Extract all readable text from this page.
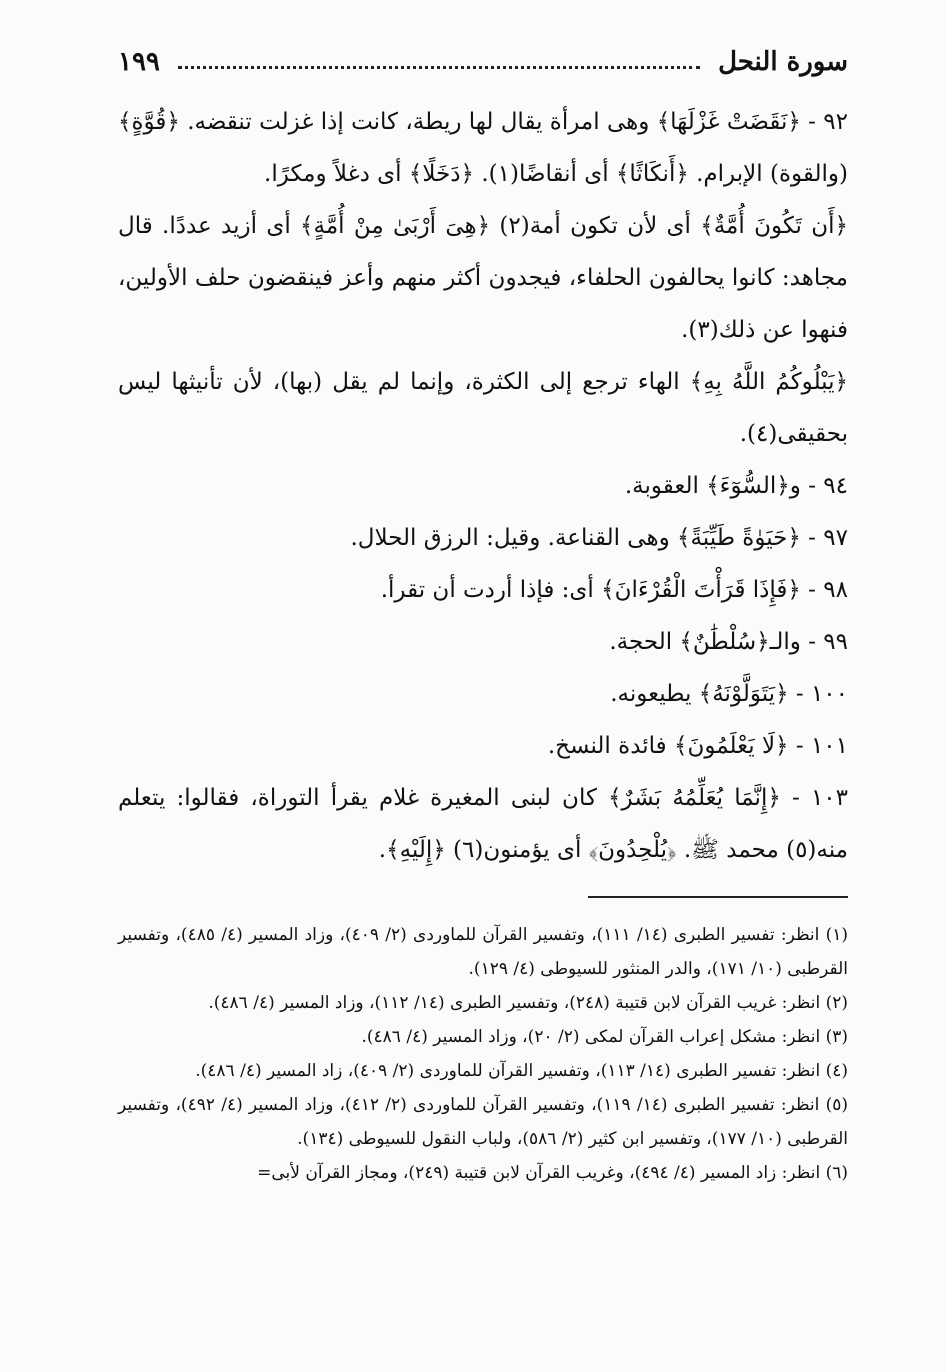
سورة النحل
١٩٩

٩٢ - ﴿نَقَضَتْ غَزْلَهَا﴾ وهى امرأة يقال لها ريطة، كانت إذا غزلت تنقضه. ﴿قُوَّةٍ﴾ (والقوة) الإبرام. ﴿أَنكَاثًا﴾ أى أنقاضًا(١). ﴿دَخَلًا﴾ أى دغلاً ومكرًا.

﴿أَن تَكُونَ أُمَّةٌ﴾ أى لأن تكون أمة(٢) ﴿هِىَ أَرْبَىٰ مِنْ أُمَّةٍ﴾ أى أزيد عددًا. قال مجاهد: كانوا يحالفون الحلفاء، فيجدون أكثر منهم وأعز فينقضون حلف الأولين، فنهوا عن ذلك(٣).

﴿يَبْلُوكُمُ اللَّهُ بِهِ﴾ الهاء ترجع إلى الكثرة، وإنما لم يقل (بها)، لأن تأنيثها ليس بحقيقى(٤).

٩٤ - و﴿السُّوٓءَ﴾ العقوبة.

٩٧ - ﴿حَيَوٰةً طَيِّبَةً﴾ وهى القناعة. وقيل: الرزق الحلال.

٩٨ - ﴿فَإِذَا قَرَأْتَ الْقُرْءَانَ﴾ أى: فإذا أردت أن تقرأ.

٩٩ - والـ﴿سُلْطَٰنٌ﴾ الحجة.

١٠٠ - ﴿يَتَوَلَّوْنَهُ﴾ يطيعونه.

١٠١ - ﴿لَا يَعْلَمُونَ﴾ فائدة النسخ.

١٠٣ - ﴿إِنَّمَا يُعَلِّمُهُ بَشَرٌ﴾ كان لبنى المغيرة غلام يقرأ التوراة، فقالوا: يتعلم منه(٥) محمد ﷺ. ﴿يُلْحِدُونَ﴾ أى يؤمنون(٦) ﴿إِلَيْهِ﴾.

(١) انظر: تفسير الطبرى (١٤/ ١١١)، وتفسير القرآن للماوردى (٢/ ٤٠٩)، وزاد المسير (٤/ ٤٨٥)، وتفسير القرطبى (١٠/ ١٧١)، والدر المنثور للسيوطى (٤/ ١٢٩).

(٢) انظر: غريب القرآن لابن قتيبة (٢٤٨)، وتفسير الطبرى (١٤/ ١١٢)، وزاد المسير (٤/ ٤٨٦).

(٣) انظر: مشكل إعراب القرآن لمكى (٢/ ٢٠)، وزاد المسير (٤/ ٤٨٦).

(٤) انظر: تفسير الطبرى (١٤/ ١١٣)، وتفسير القرآن للماوردى (٢/ ٤٠٩)، زاد المسير (٤/ ٤٨٦).

(٥) انظر: تفسير الطبرى (١٤/ ١١٩)، وتفسير القرآن للماوردى (٢/ ٤١٢)، وزاد المسير (٤/ ٤٩٢)، وتفسير القرطبى (١٠/ ١٧٧)، وتفسير ابن كثير (٢/ ٥٨٦)، ولباب النقول للسيوطى (١٣٤).

(٦) انظر: زاد المسير (٤/ ٤٩٤)، وغريب القرآن لابن قتيبة (٢٤٩)، ومجاز القرآن لأبى=
